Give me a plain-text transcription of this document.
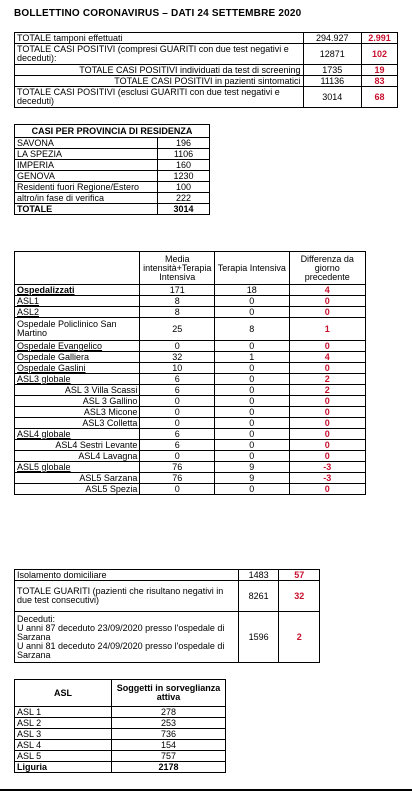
BOLLETTINO CORONAVIRUS – DATI 24 SETTEMBRE 2020
TOTALE tamponi effettuati	294.927	2.991
TOTALE CASI POSITIVI (compresi GUARITI con due test negativi e deceduti):	12871	102
TOTALE CASI POSITIVI individuati da test di screening	1735	19
TOTALE CASI POSITIVI in pazienti sintomatici	11136	83
TOTALE CASI POSITIVI (esclusi GUARITI con due test negativi e deceduti)	3014	68
CASI PER PROVINCIA DI RESIDENZA	
SAVONA	196
LA SPEZIA	1106
IMPERIA	160
GENOVA	1230
Residenti fuori Regione/Estero	100
altro/in fase di verifica	222
TOTALE	3014
	Media intensità+Terapia Intensiva	Terapia Intensiva	Differenza da giorno precedente
Ospedalizzati	171	18	4
ASL1	8	0	0
ASL2	8	0	0
Ospedale Policlinico San Martino	25	8	1
Ospedale Evangelico	0	0	0
Ospedale Galliera	32	1	4
Ospedale Gaslini	10	0	0
ASL3 globale	6	0	2
ASL 3 Villa Scassi	6	0	2
ASL 3 Gallino	0	0	0
ASL3 Micone	0	0	0
ASL3 Colletta	0	0	0
ASL4 globale	6	0	0
ASL4 Sestri Levante	6	0	0
ASL4 Lavagna	0	0	0
ASL5 globale	76	9	-3
ASL5 Sarzana	76	9	-3
ASL5 Spezia	0	0	0
Isolamento domiciliare	1483	57
TOTALE GUARITI (pazienti che risultano negativi in due test consecutivi)	8261	32

Deceduti:
U anni 87 deceduto 23/09/2020 presso l'ospedale di Sarzana
U anni 81 deceduto 24/09/2020 presso l'ospedale di Sarzana	1596	2
ASL	Soggetti in sorveglianza attiva
ASL 1	278
ASL 2	253
ASL 3	736
ASL 4	154
ASL 5	757
Liguria	2178
